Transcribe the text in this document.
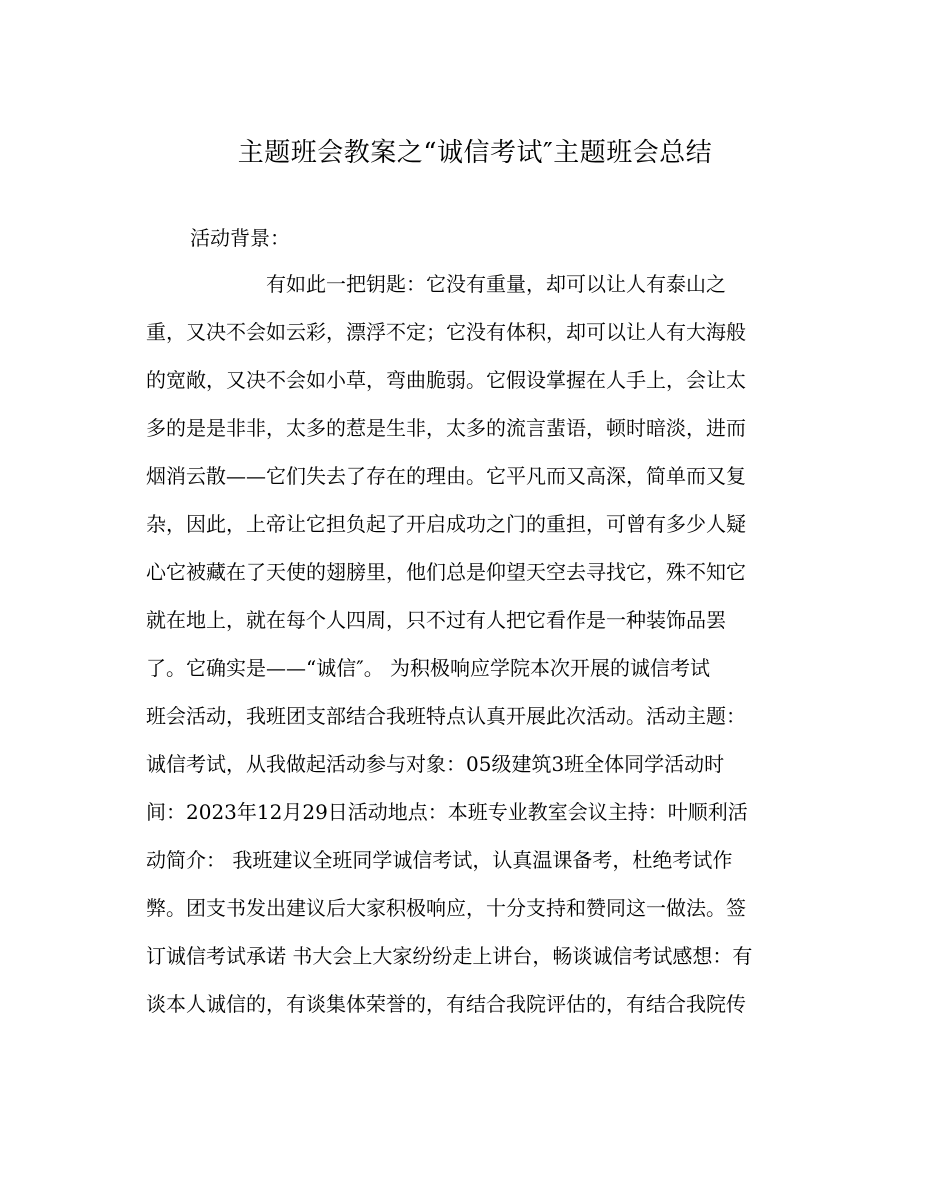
主题班会教案之“诚信考试″主题班会总结

活动背景：

有如此一把钥匙：它没有重量，却可以让人有泰山之

重，又决不会如云彩，漂浮不定；它没有体积，却可以让人有大海般

的宽敞，又决不会如小草，弯曲脆弱。它假设掌握在人手上，会让太

多的是是非非，太多的惹是生非，太多的流言蜚语，顿时暗淡，进而

烟消云散——它们失去了存在的理由。它平凡而又高深，简单而又复

杂，因此，上帝让它担负起了开启成功之门的重担，可曾有多少人疑

心它被藏在了天使的翅膀里，他们总是仰望天空去寻找它，殊不知它

就在地上，就在每个人四周，只不过有人把它看作是一种装饰品罢

了。它确实是——“诚信″。 为积极响应学院本次开展的诚信考试

班会活动，我班团支部结合我班特点认真开展此次活动。活动主题：

诚信考试，从我做起活动参与对象：05级建筑3班全体同学活动时

间：2023年12月29日活动地点：本班专业教室会议主持：叶顺利活

动简介： 我班建议全班同学诚信考试，认真温课备考，杜绝考试作

弊。团支书发出建议后大家积极响应，十分支持和赞同这一做法。签

订诚信考试承诺 书大会上大家纷纷走上讲台，畅谈诚信考试感想：有

谈本人诚信的，有谈集体荣誉的，有结合我院评估的，有结合我院传
